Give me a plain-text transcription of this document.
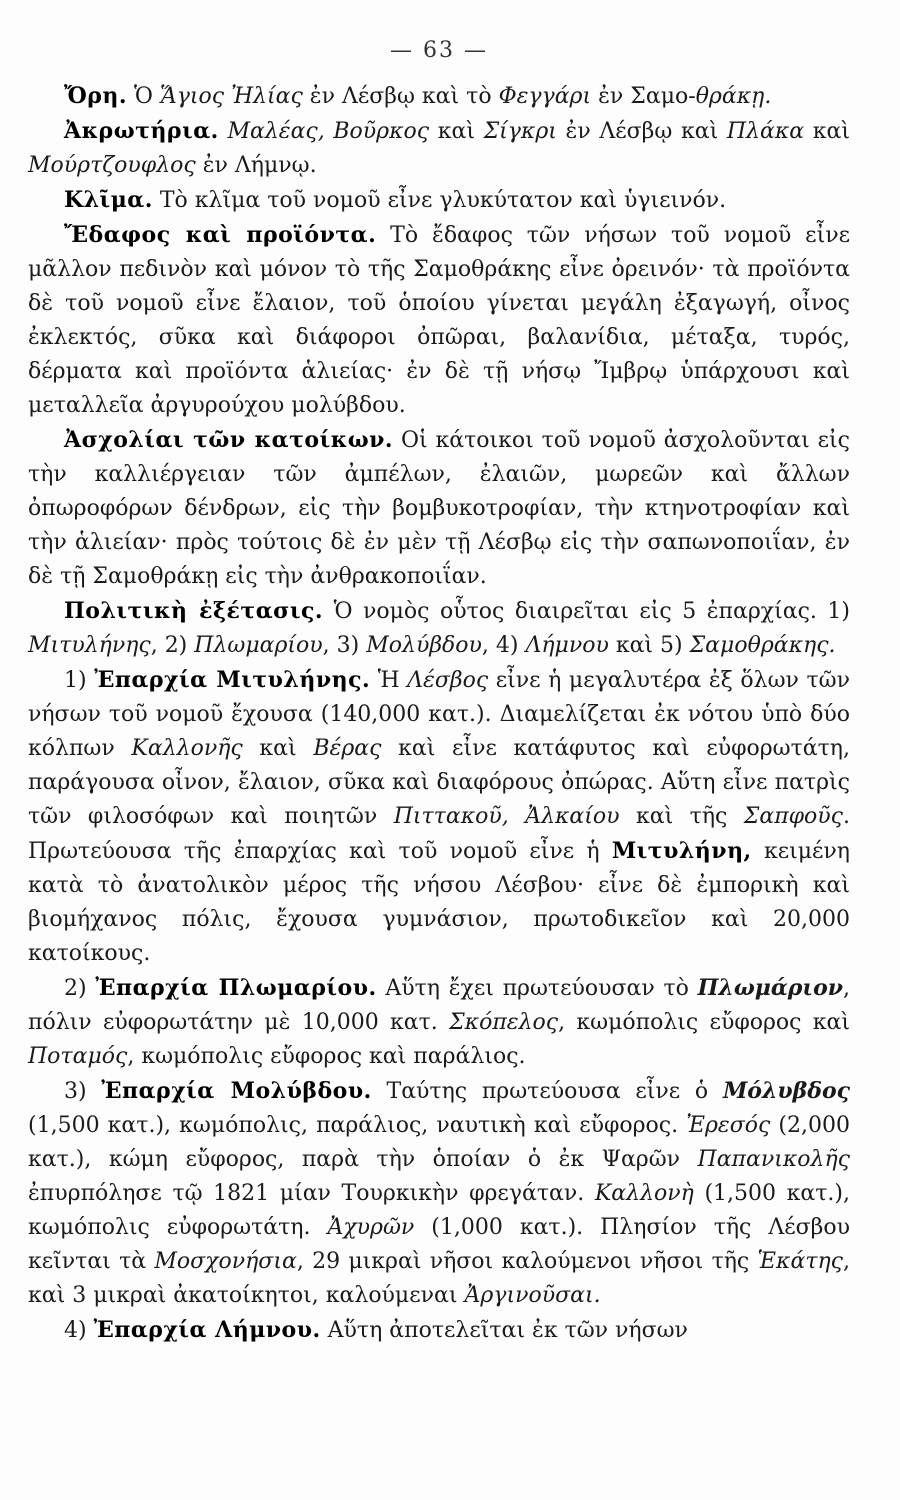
— 63 —

Ὄρη. Ὁ Ἅγιος Ἠλίας ἐν Λέσβῳ καὶ τὸ Φεγγάρι ἐν Σαμο-θράκῃ.

Ἀκρωτήρια. Μαλέας, Βοῦρκος καὶ Σίγκρι ἐν Λέσβῳ καὶ Πλάκα καὶ Μούρτζουφλος ἐν Λήμνῳ.

Κλῖμα. Τὸ κλῖμα τοῦ νομοῦ εἶνε γλυκύτατον καὶ ὑγιεινόν.

Ἔδαφος καὶ προϊόντα. Τὸ ἔδαφος τῶν νήσων τοῦ νομοῦ εἶνε μᾶλλον πεδινὸν καὶ μόνον τὸ τῆς Σαμοθράκης εἶνε ὀρεινόν· τὰ προϊόντα δὲ τοῦ νομοῦ εἶνε ἔλαιον, τοῦ ὁποίου γίνεται μεγάλη ἐξαγωγή, οἶνος ἐκλεκτός, σῦκα καὶ διάφοροι ὀπῶραι, βαλανίδια, μέταξα, τυρός, δέρματα καὶ προϊόντα ἁλιείας· ἐν δὲ τῇ νήσῳ Ἴμβρῳ ὑπάρχουσι καὶ μεταλλεῖα ἀργυρούχου μολύβδου.

Ἀσχολίαι τῶν κατοίκων. Οἱ κάτοικοι τοῦ νομοῦ ἀσχολοῦνται εἰς τὴν καλλιέργειαν τῶν ἀμπέλων, ἐλαιῶν, μωρεῶν καὶ ἄλλων ὀπωροφόρων δένδρων, εἰς τὴν βομβυκοτροφίαν, τὴν κτηνοτροφίαν καὶ τὴν ἁλιείαν· πρὸς τούτοις δὲ ἐν μὲν τῇ Λέσβῳ εἰς τὴν σαπωνοποιΐαν, ἐν δὲ τῇ Σαμοθράκῃ εἰς τὴν ἀνθρακοποιΐαν.

Πολιτικὴ ἐξέτασις. Ὁ νομὸς οὗτος διαιρεῖται εἰς 5 ἐπαρχίας. 1) Μιτυλήνης, 2) Πλωμαρίου, 3) Μολύβδου, 4) Λήμνου καὶ 5) Σαμοθράκης.

1) Ἐπαρχία Μιτυλήνης. Ἡ Λέσβος εἶνε ἡ μεγαλυτέρα ἐξ ὅλων τῶν νήσων τοῦ νομοῦ ἔχουσα (140,000 κατ.). Διαμελίζεται ἐκ νότου ὑπὸ δύο κόλπων Καλλονῆς καὶ Βέρας καὶ εἶνε κατάφυτος καὶ εὐφορωτάτη, παράγουσα οἶνον, ἔλαιον, σῦκα καὶ διαφόρους ὀπώρας. Αὕτη εἶνε πατρὶς τῶν φιλοσόφων καὶ ποιητῶν Πιττακοῦ, Ἀλκαίου καὶ τῆς Σαπφοῦς. Πρωτεύουσα τῆς ἐπαρχίας καὶ τοῦ νομοῦ εἶνε ἡ Μιτυλήνη, κειμένη κατὰ τὸ ἀνατολικὸν μέρος τῆς νήσου Λέσβου· εἶνε δὲ ἐμπορικὴ καὶ βιομήχανος πόλις, ἔχουσα γυμνάσιον, πρωτοδικεῖον καὶ 20,000 κατοίκους.

2) Ἐπαρχία Πλωμαρίου. Αὕτη ἔχει πρωτεύουσαν τὸ Πλωμάριον, πόλιν εὐφορωτάτην μὲ 10,000 κατ. Σκόπελος, κωμόπολις εὔφορος καὶ Ποταμός, κωμόπολις εὔφορος καὶ παράλιος.

3) Ἐπαρχία Μολύβδου. Ταύτης πρωτεύουσα εἶνε ὁ Μόλυβδος (1,500 κατ.), κωμόπολις, παράλιος, ναυτικὴ καὶ εὔφορος. Ἐρεσός (2,000 κατ.), κώμη εὔφορος, παρὰ τὴν ὁποίαν ὁ ἐκ Ψαρῶν Παπανικολῆς ἐπυρπόλησε τῷ 1821 μίαν Τουρκικὴν φρεγάταν. Καλλονὴ (1,500 κατ.), κωμόπολις εὐφορωτάτη. Ἀχυρῶν (1,000 κατ.). Πλησίον τῆς Λέσβου κεῖνται τὰ Μοσχονήσια, 29 μικραὶ νῆσοι καλούμενοι νῆσοι τῆς Ἑκάτης, καὶ 3 μικραὶ ἀκατοίκητοι, καλούμεναι Ἀργινοῦσαι.

4) Ἐπαρχία Λήμνου. Αὕτη ἀποτελεῖται ἐκ τῶν νήσων
